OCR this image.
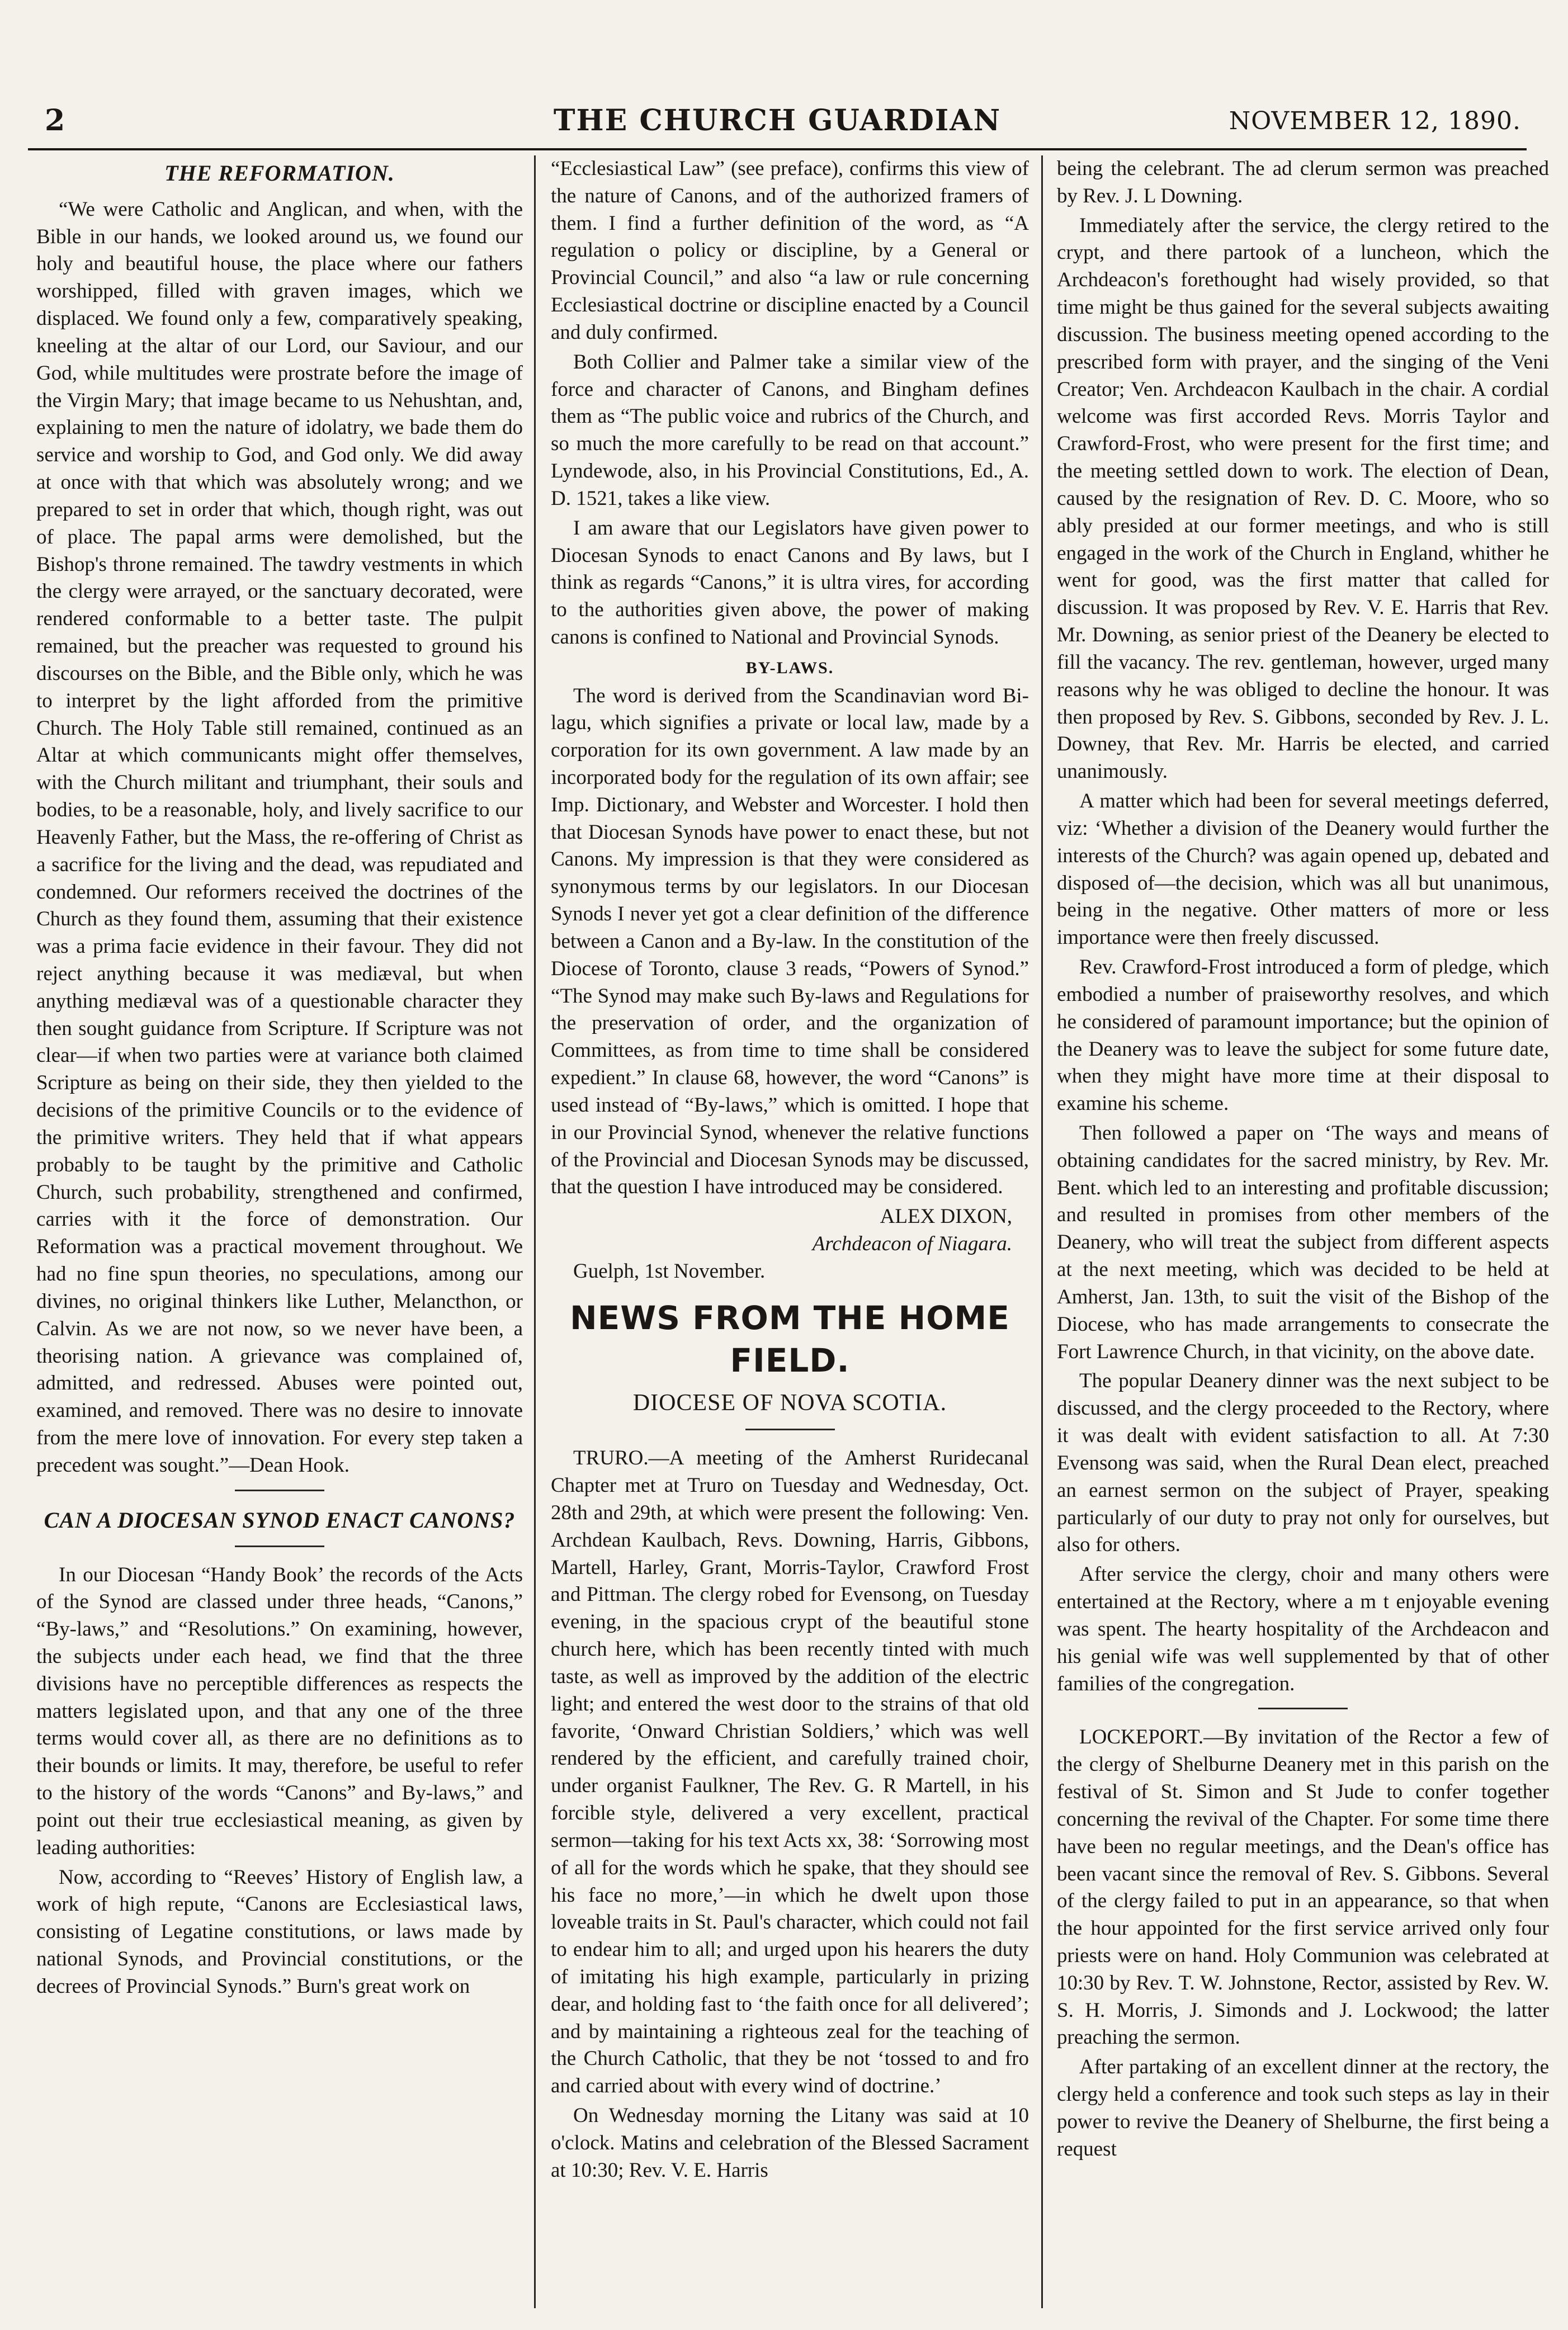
2	THE CHURCH GUARDIAN	NOVEMBER 12, 1890.
THE REFORMATION.

“We were Catholic and Anglican, and when, with the Bible in our hands, we looked around us, we found our holy and beautiful house, the place where our fathers worshipped, filled with graven images, which we displaced. We found only a few, comparatively speaking, kneeling at the altar of our Lord, our Saviour, and our God, while multitudes were prostrate before the image of the Virgin Mary; that image became to us Nehushtan, and, explaining to men the nature of idolatry, we bade them do service and worship to God, and God only. We did away at once with that which was absolutely wrong; and we prepared to set in order that which, though right, was out of place. The papal arms were demolished, but the Bishop's throne remained. The tawdry vestments in which the clergy were arrayed, or the sanctuary decorated, were rendered conformable to a better taste. The pulpit remained, but the preacher was requested to ground his discourses on the Bible, and the Bible only, which he was to interpret by the light afforded from the primitive Church. The Holy Table still remained, continued as an Altar at which communicants might offer themselves, with the Church militant and triumphant, their souls and bodies, to be a reasonable, holy, and lively sacrifice to our Heavenly Father, but the Mass, the re-offering of Christ as a sacrifice for the living and the dead, was repudiated and condemned. Our reformers received the doctrines of the Church as they found them, assuming that their existence was a prima facie evidence in their favour. They did not reject anything because it was mediæval, but when anything mediæval was of a questionable character they then sought guidance from Scripture. If Scripture was not clear—if when two parties were at variance both claimed Scripture as being on their side, they then yielded to the decisions of the primitive Councils or to the evidence of the primitive writers. They held that if what appears probably to be taught by the primitive and Catholic Church, such probability, strengthened and confirmed, carries with it the force of demonstration. Our Reformation was a practical movement throughout. We had no fine spun theories, no speculations, among our divines, no original thinkers like Luther, Melancthon, or Calvin. As we are not now, so we never have been, a theorising nation. A grievance was complained of, admitted, and redressed. Abuses were pointed out, examined, and removed. There was no desire to innovate from the mere love of innovation. For every step taken a precedent was sought.”—Dean Hook.

CAN A DIOCESAN SYNOD ENACT CANONS?

In our Diocesan “Handy Book’ the records of the Acts of the Synod are classed under three heads, “Canons,” “By-laws,” and “Resolutions.” On examining, however, the subjects under each head, we find that the three divisions have no perceptible differences as respects the matters legislated upon, and that any one of the three terms would cover all, as there are no definitions as to their bounds or limits. It may, therefore, be useful to refer to the history of the words “Canons” and By-laws,” and point out their true ecclesiastical meaning, as given by leading authorities:

Now, according to “Reeves’ History of English law, a work of high repute, “Canons are Ecclesiastical laws, consisting of Legatine constitutions, or laws made by national Synods, and Provincial constitutions, or the decrees of Provincial Synods.” Burn's great work on

“Ecclesiastical Law” (see preface), confirms this view of the nature of Canons, and of the authorized framers of them. I find a further definition of the word, as “A regulation o policy or discipline, by a General or Provincial Council,” and also “a law or rule concerning Ecclesiastical doctrine or discipline enacted by a Council and duly confirmed.

Both Collier and Palmer take a similar view of the force and character of Canons, and Bingham defines them as “The public voice and rubrics of the Church, and so much the more carefully to be read on that account.” Lyndewode, also, in his Provincial Constitutions, Ed., A. D. 1521, takes a like view.

I am aware that our Legislators have given power to Diocesan Synods to enact Canons and By laws, but I think as regards “Canons,” it is ultra vires, for according to the authorities given above, the power of making canons is confined to National and Provincial Synods.

BY-LAWS.

The word is derived from the Scandinavian word Bi-lagu, which signifies a private or local law, made by a corporation for its own government. A law made by an incorporated body for the regulation of its own affair; see Imp. Dictionary, and Webster and Worcester. I hold then that Diocesan Synods have power to enact these, but not Canons. My impression is that they were considered as synonymous terms by our legislators. In our Diocesan Synods I never yet got a clear definition of the difference between a Canon and a By-law. In the constitution of the Diocese of Toronto, clause 3 reads, “Powers of Synod.” “The Synod may make such By-laws and Regulations for the preservation of order, and the organization of Committees, as from time to time shall be considered expedient.” In clause 68, however, the word “Canons” is used instead of “By-laws,” which is omitted. I hope that in our Provincial Synod, whenever the relative functions of the Provincial and Diocesan Synods may be discussed, that the question I have introduced may be considered.

ALEX DIXON,
Archdeacon of Niagara.

Guelph, 1st November.

NEWS FROM THE HOME FIELD.
DIOCESE OF NOVA SCOTIA.

TRURO.—A meeting of the Amherst Ruridecanal Chapter met at Truro on Tuesday and Wednesday, Oct. 28th and 29th, at which were present the following: Ven. Archdean Kaulbach, Revs. Downing, Harris, Gibbons, Martell, Harley, Grant, Morris-Taylor, Crawford Frost and Pittman. The clergy robed for Evensong, on Tuesday evening, in the spacious crypt of the beautiful stone church here, which has been recently tinted with much taste, as well as improved by the addition of the electric light; and entered the west door to the strains of that old favorite, ‘Onward Christian Soldiers,’ which was well rendered by the efficient, and carefully trained choir, under organist Faulkner, The Rev. G. R Martell, in his forcible style, delivered a very excellent, practical sermon—taking for his text Acts xx, 38: ‘Sorrowing most of all for the words which he spake, that they should see his face no more,’—in which he dwelt upon those loveable traits in St. Paul's character, which could not fail to endear him to all; and urged upon his hearers the duty of imitating his high example, particularly in prizing dear, and holding fast to ‘the faith once for all delivered’; and by maintaining a righteous zeal for the teaching of the Church Catholic, that they be not ‘tossed to and fro and carried about with every wind of doctrine.’

On Wednesday morning the Litany was said at 10 o'clock. Matins and celebration of the Blessed Sacrament at 10:30; Rev. V. E. Harris

being the celebrant. The ad clerum sermon was preached by Rev. J. L Downing.

Immediately after the service, the clergy retired to the crypt, and there partook of a luncheon, which the Archdeacon's forethought had wisely provided, so that time might be thus gained for the several subjects awaiting discussion. The business meeting opened according to the prescribed form with prayer, and the singing of the Veni Creator; Ven. Archdeacon Kaulbach in the chair. A cordial welcome was first accorded Revs. Morris Taylor and Crawford-Frost, who were present for the first time; and the meeting settled down to work. The election of Dean, caused by the resignation of Rev. D. C. Moore, who so ably presided at our former meetings, and who is still engaged in the work of the Church in England, whither he went for good, was the first matter that called for discussion. It was proposed by Rev. V. E. Harris that Rev. Mr. Downing, as senior priest of the Deanery be elected to fill the vacancy. The rev. gentleman, however, urged many reasons why he was obliged to decline the honour. It was then proposed by Rev. S. Gibbons, seconded by Rev. J. L. Downey, that Rev. Mr. Harris be elected, and carried unanimously.

A matter which had been for several meetings deferred, viz: ‘Whether a division of the Deanery would further the interests of the Church? was again opened up, debated and disposed of—the decision, which was all but unanimous, being in the negative. Other matters of more or less importance were then freely discussed.

Rev. Crawford-Frost introduced a form of pledge, which embodied a number of praiseworthy resolves, and which he considered of paramount importance; but the opinion of the Deanery was to leave the subject for some future date, when they might have more time at their disposal to examine his scheme.

Then followed a paper on ‘The ways and means of obtaining candidates for the sacred ministry, by Rev. Mr. Bent. which led to an interesting and profitable discussion; and resulted in promises from other members of the Deanery, who will treat the subject from different aspects at the next meeting, which was decided to be held at Amherst, Jan. 13th, to suit the visit of the Bishop of the Diocese, who has made arrangements to consecrate the Fort Lawrence Church, in that vicinity, on the above date.

The popular Deanery dinner was the next subject to be discussed, and the clergy proceeded to the Rectory, where it was dealt with evident satisfaction to all. At 7:30 Evensong was said, when the Rural Dean elect, preached an earnest sermon on the subject of Prayer, speaking particularly of our duty to pray not only for ourselves, but also for others.

After service the clergy, choir and many others were entertained at the Rectory, where a m t enjoyable evening was spent. The hearty hospitality of the Archdeacon and his genial wife was well supplemented by that of other families of the congregation.

LOCKEPORT.—By invitation of the Rector a few of the clergy of Shelburne Deanery met in this parish on the festival of St. Simon and St Jude to confer together concerning the revival of the Chapter. For some time there have been no regular meetings, and the Dean's office has been vacant since the removal of Rev. S. Gibbons. Several of the clergy failed to put in an appearance, so that when the hour appointed for the first service arrived only four priests were on hand. Holy Communion was celebrated at 10:30 by Rev. T. W. Johnstone, Rector, assisted by Rev. W. S. H. Morris, J. Simonds and J. Lockwood; the latter preaching the sermon.

After partaking of an excellent dinner at the rectory, the clergy held a conference and took such steps as lay in their power to revive the Deanery of Shelburne, the first being a request
